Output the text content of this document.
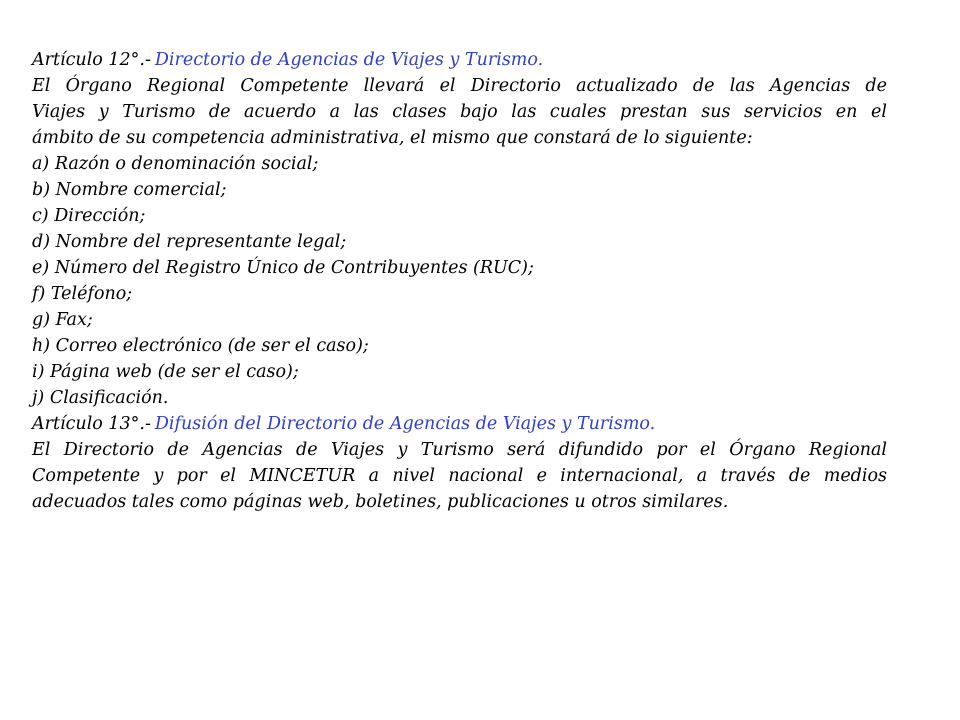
Artículo 12°.- Directorio de Agencias de Viajes y Turismo.
El Órgano Regional Competente llevará el Directorio actualizado de las Agencias de
Viajes y Turismo de acuerdo a las clases bajo las cuales prestan sus servicios en el
ámbito de su competencia administrativa, el mismo que constará de lo siguiente:
a) Razón o denominación social;
b) Nombre comercial;
c) Dirección;
d) Nombre del representante legal;
e) Número del Registro Único de Contribuyentes (RUC);
f) Teléfono;
g) Fax;
h) Correo electrónico (de ser el caso);
i) Página web (de ser el caso);
j) Clasificación.
Artículo 13°.- Difusión del Directorio de Agencias de Viajes y Turismo.
El Directorio de Agencias de Viajes y Turismo será difundido por el Órgano Regional
Competente y por el MINCETUR a nivel nacional e internacional, a través de medios
adecuados tales como páginas web, boletines, publicaciones u otros similares.
